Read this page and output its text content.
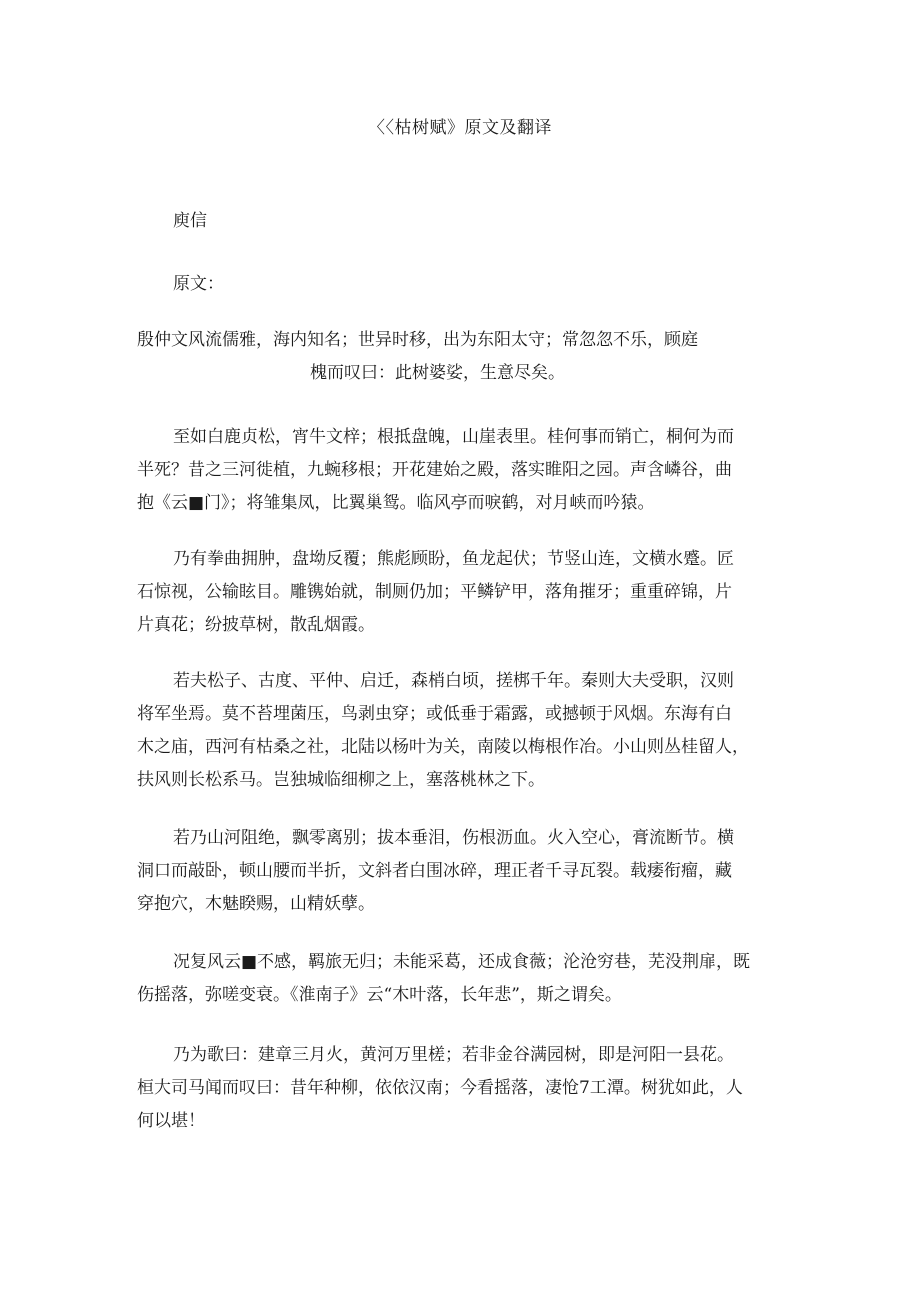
〈〈枯树赋》原文及翻译
庾信
原文：

殷仲文风流儒雅，海内知名；世异时移，出为东阳太守；常忽忽不乐，顾庭

槐而叹曰：此树婆娑，生意尽矣。

至如白鹿贞松，宵牛文梓；根抵盘魄，山崖表里。桂何事而销亡，桐何为而

半死？昔之三河徙植，九蜿移根；开花建始之殿，落实睢阳之园。声含嶙谷，曲

抱《云■门》；将雏集凤，比翼巢鸳。临风亭而唳鹤，对月峡而吟猿。

乃有拳曲拥肿，盘坳反覆；熊彪顾盼，鱼龙起伏；节竖山连，文横水蹙。匠

石惊视，公输眩目。雕镌始就，制厕仍加；平鳞铲甲，落角摧牙；重重碎锦，片

片真花；纷披草树，散乱烟霞。

若夫松子、古度、平仲、启迁，森梢白顷，搓梆千年。秦则大夫受职，汉则

将军坐焉。莫不苔埋菌压，鸟剥虫穿；或低垂于霜露，或撼顿于风烟。东海有白

木之庙，西河有枯桑之社，北陆以杨叶为关，南陵以梅根作冶。小山则丛桂留人，

扶风则长松系马。岂独城临细柳之上，塞落桃林之下。

若乃山河阻绝，飘零离别；拔本垂泪，伤根沥血。火入空心，膏流断节。横

洞口而敲卧，顿山腰而半折，文斜者白围冰碎，理正者千寻瓦裂。载痿衔瘤，藏

穿抱穴，木魅睽赐，山精妖孽。

况复风云■不感，羁旅无归；未能采葛，还成食薇；沦沧穷巷，芜没荆扉，既

伤摇落，弥嗟变衰。《淮南子》云“木叶落，长年悲”，斯之谓矣。

乃为歌曰：建章三月火，黄河万里槎；若非金谷满园树，即是河阳一县花。

桓大司马闻而叹曰：昔年种柳，依依汉南；今看摇落，凄怆7工潭。树犹如此，人

何以堪！
